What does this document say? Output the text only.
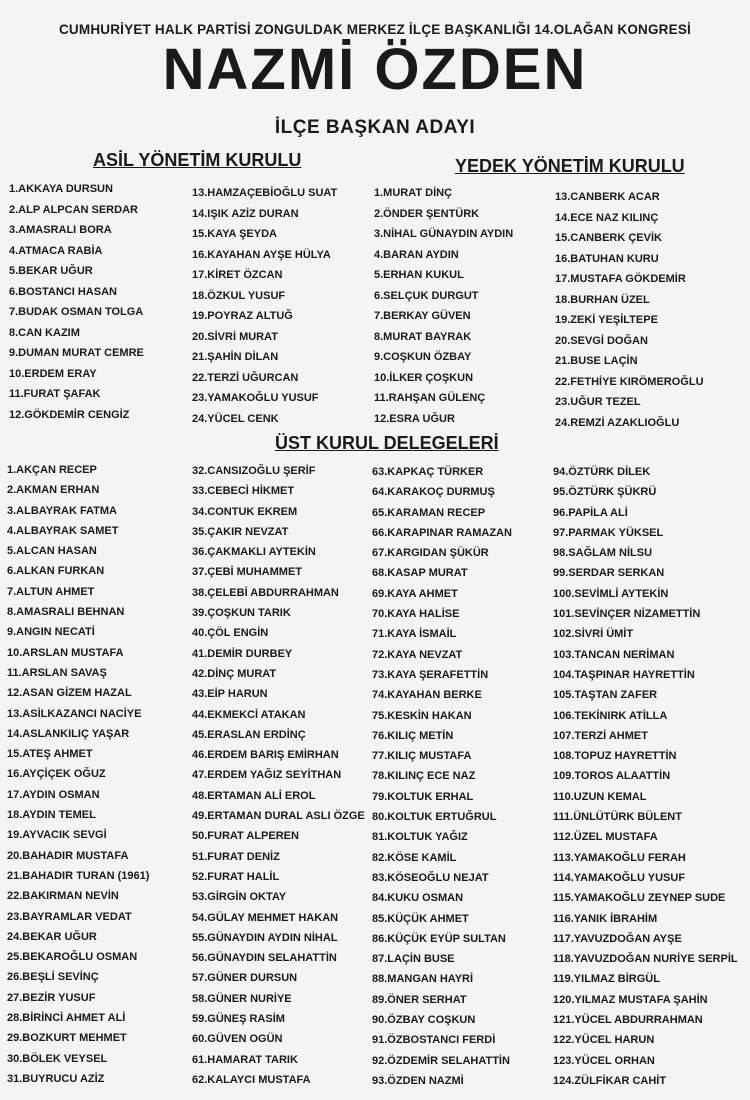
CUMHURİYET HALK PARTİSİ ZONGULDAK MERKEZ İLÇE BAŞKANLIĞI 14.OLAĞAN KONGRESİ
NAZMİ ÖZDEN
İLÇE BAŞKAN ADAYI
ASİL YÖNETİM KURULU	YEDEK YÖNETİM KURULU
1.AKKAYA DURSUN
2.ALP ALPCAN SERDAR
3.AMASRALI BORA
4.ATMACA RABİA
5.BEKAR UĞUR
6.BOSTANCI HASAN
7.BUDAK OSMAN TOLGA
8.CAN KAZIM
9.DUMAN MURAT CEMRE
10.ERDEM ERAY
11.FURAT ŞAFAK
12.GÖKDEMİR CENGİZ
13.HAMZAÇEBİOĞLU SUAT
14.IŞIK AZİZ DURAN
15.KAYA ŞEYDA
16.KAYAHAN AYŞE HÜLYA
17.KİRET ÖZCAN
18.ÖZKUL YUSUF
19.POYRAZ ALTUĞ
20.SİVRİ MURAT
21.ŞAHİN DİLAN
22.TERZİ UĞURCAN
23.YAMAKOĞLU YUSUF
24.YÜCEL CENK
1.MURAT DİNÇ
2.ÖNDER ŞENTÜRK
3.NİHAL GÜNAYDIN AYDIN
4.BARAN AYDIN
5.ERHAN KUKUL
6.SELÇUK DURGUT
7.BERKAY GÜVEN
8.MURAT BAYRAK
9.COŞKUN ÖZBAY
10.İLKER ÇOŞKUN
11.RAHŞAN GÜLENÇ
12.ESRA UĞUR
13.CANBERK ACAR
14.ECE NAZ KILINÇ
15.CANBERK ÇEVİK
16.BATUHAN KURU
17.MUSTAFA GÖKDEMİR
18.BURHAN ÜZEL
19.ZEKİ YEŞİLTEPE
20.SEVGİ DOĞAN
21.BUSE LAÇİN
22.FETHİYE KIRÖMEROĞLU
23.UĞUR TEZEL
24.REMZİ AZAKLIOĞLU
ÜST KURUL DELEGELERİ
1.AKÇAN RECEP
2.AKMAN ERHAN
3.ALBAYRAK FATMA
4.ALBAYRAK SAMET
5.ALCAN HASAN
6.ALKAN FURKAN
7.ALTUN AHMET
8.AMASRALI BEHNAN
9.ANGIN NECATİ
10.ARSLAN MUSTAFA
11.ARSLAN SAVAŞ
12.ASAN GİZEM HAZAL
13.ASİLKAZANCI NACİYE
14.ASLANKILIÇ YAŞAR
15.ATEŞ AHMET
16.AYÇİÇEK OĞUZ
17.AYDIN OSMAN
18.AYDIN TEMEL
19.AYVACIK SEVGİ
20.BAHADIR MUSTAFA
21.BAHADIR TURAN (1961)
22.BAKIRMAN NEVİN
23.BAYRAMLAR VEDAT
24.BEKAR UĞUR
25.BEKAROĞLU OSMAN
26.BEŞLİ SEVİNÇ
27.BEZİR YUSUF
28.BİRİNCİ AHMET ALİ
29.BOZKURT MEHMET
30.BÖLEK VEYSEL
31.BUYRUCU AZİZ
32.CANSIZOĞLU ŞERİF
33.CEBECİ HİKMET
34.CONTUK EKREM
35.ÇAKIR NEVZAT
36.ÇAKMAKLI AYTEKİN
37.ÇEBİ MUHAMMET
38.ÇELEBİ ABDURRAHMAN
39.ÇOŞKUN TARIK
40.ÇÖL ENGİN
41.DEMİR DURBEY
42.DİNÇ MURAT
43.EİP HARUN
44.EKMEKCİ ATAKAN
45.ERASLAN ERDİNÇ
46.ERDEM BARIŞ EMİRHAN
47.ERDEM YAĞIZ SEYİTHAN
48.ERTAMAN ALİ EROL
49.ERTAMAN DURAL ASLI ÖZGE
50.FURAT ALPEREN
51.FURAT DENİZ
52.FURAT HALİL
53.GİRGİN OKTAY
54.GÜLAY MEHMET HAKAN
55.GÜNAYDIN AYDIN NİHAL
56.GÜNAYDIN SELAHATTİN
57.GÜNER DURSUN
58.GÜNER NURİYE
59.GÜNEŞ RASİM
60.GÜVEN OGÜN
61.HAMARAT TARIK
62.KALAYCI MUSTAFA
63.KAPKAÇ TÜRKER
64.KARAKOÇ DURMUŞ
65.KARAMAN RECEP
66.KARAPINAR RAMAZAN
67.KARGIDAN ŞÜKÜR
68.KASAP MURAT
69.KAYA AHMET
70.KAYA HALİSE
71.KAYA İSMAİL
72.KAYA NEVZAT
73.KAYA ŞERAFETTİN
74.KAYAHAN BERKE
75.KESKİN HAKAN
76.KILIÇ METİN
77.KILIÇ MUSTAFA
78.KILINÇ ECE NAZ
79.KOLTUK ERHAL
80.KOLTUK ERTUĞRUL
81.KOLTUK YAĞIZ
82.KÖSE KAMİL
83.KÖSEOĞLU NEJAT
84.KUKU OSMAN
85.KÜÇÜK AHMET
86.KÜÇÜK EYÜP SULTAN
87.LAÇİN BUSE
88.MANGAN HAYRİ
89.ÖNER SERHAT
90.ÖZBAY COŞKUN
91.ÖZBOSTANCI FERDİ
92.ÖZDEMİR SELAHATTİN
93.ÖZDEN NAZMİ
94.ÖZTÜRK DİLEK
95.ÖZTÜRK ŞÜKRÜ
96.PAPİLA ALİ
97.PARMAK YÜKSEL
98.SAĞLAM NİLSU
99.SERDAR SERKAN
100.SEVİMLİ AYTEKİN
101.SEVİNÇER NİZAMETTİN
102.SİVRİ ÜMİT
103.TANCAN NERİMAN
104.TAŞPINAR HAYRETTİN
105.TAŞTAN ZAFER
106.TEKİNIRK ATİLLA
107.TERZİ AHMET
108.TOPUZ HAYRETTİN
109.TOROS ALAATTİN
110.UZUN KEMAL
111.ÜNLÜTÜRK BÜLENT
112.ÜZEL MUSTAFA
113.YAMAKOĞLU FERAH
114.YAMAKOĞLU YUSUF
115.YAMAKOĞLU ZEYNEP SUDE
116.YANIK İBRAHİM
117.YAVUZDOĞAN AYŞE
118.YAVUZDOĞAN NURİYE SERPİL
119.YILMAZ BİRGÜL
120.YILMAZ MUSTAFA ŞAHİN
121.YÜCEL ABDURRAHMAN
122.YÜCEL HARUN
123.YÜCEL ORHAN
124.ZÜLFİKAR CAHİT
